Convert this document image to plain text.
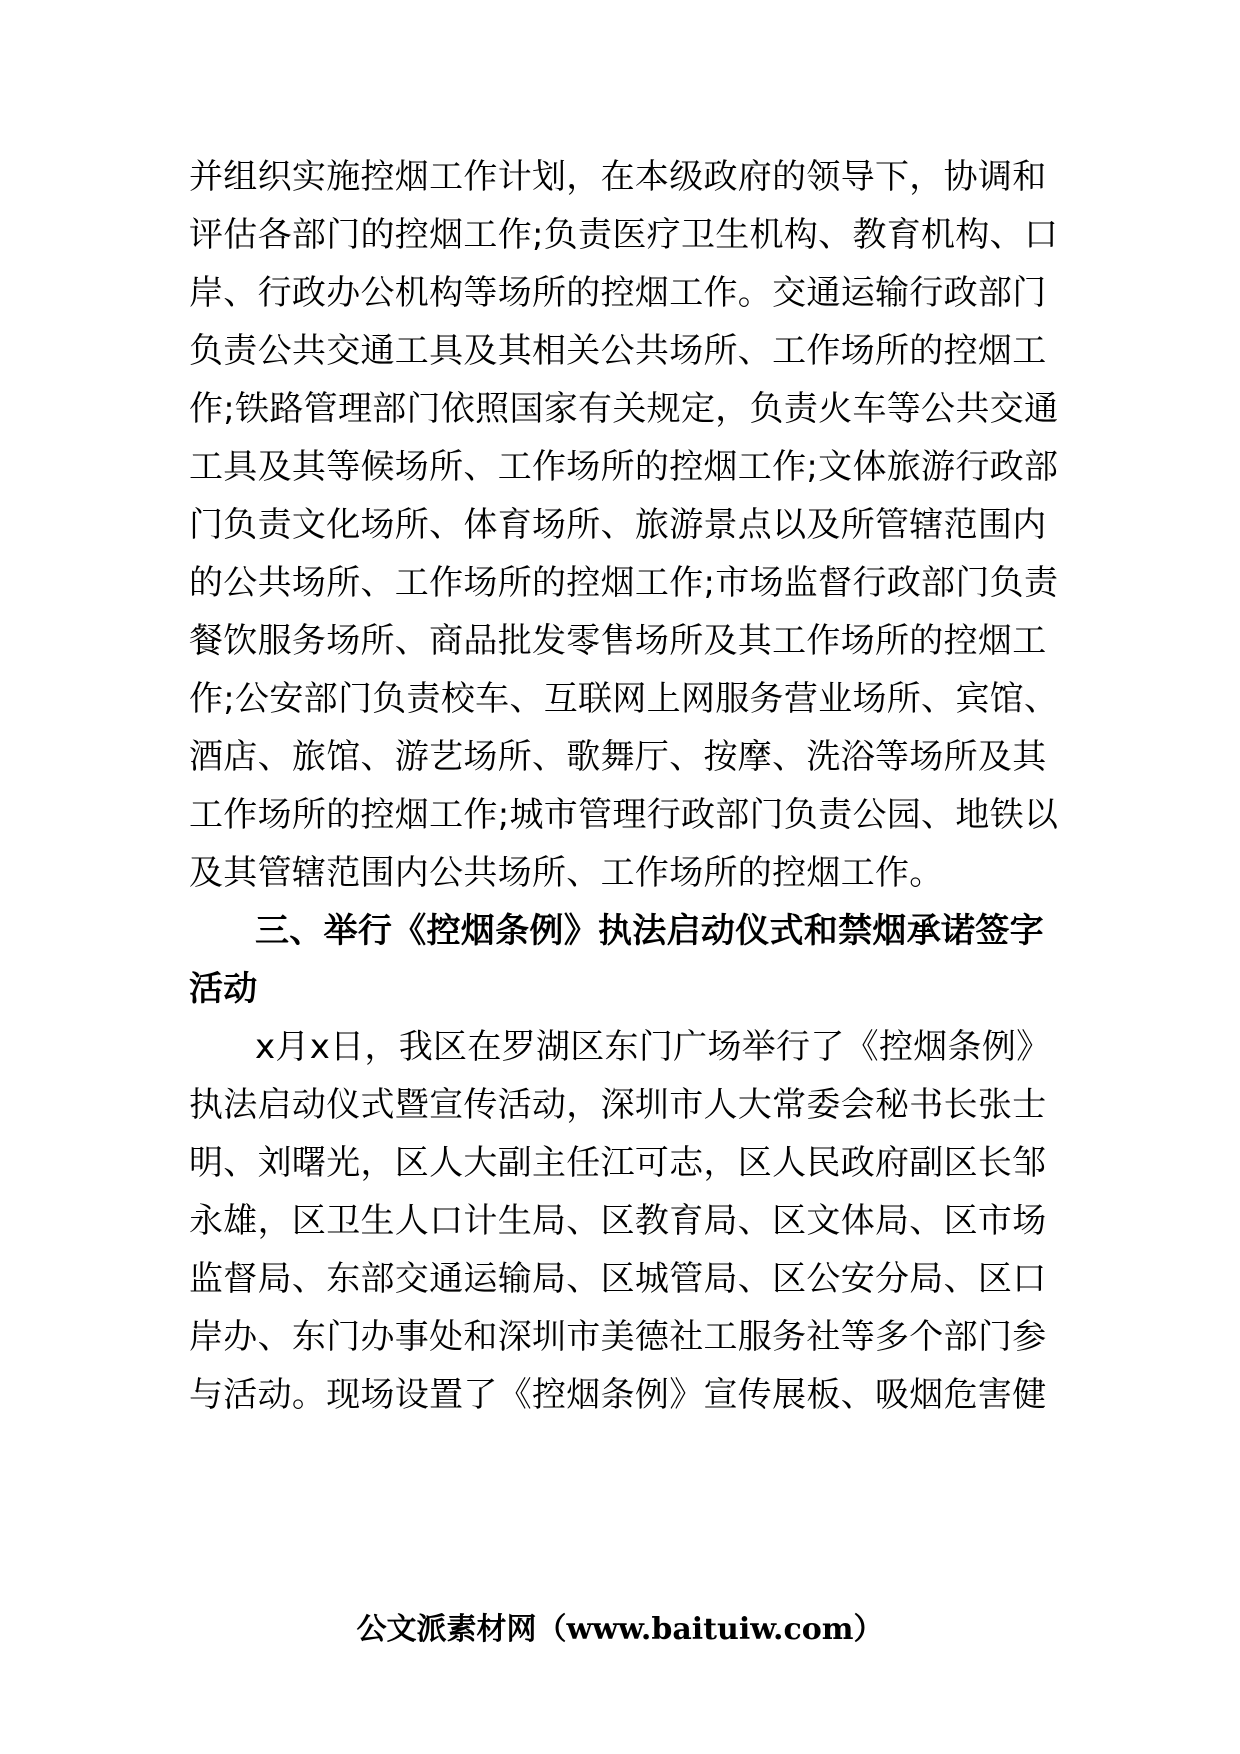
并组织实施控烟工作计划，在本级政府的领导下，协调和
评估各部门的控烟工作;负责医疗卫生机构、教育机构、口
岸、行政办公机构等场所的控烟工作。交通运输行政部门
负责公共交通工具及其相关公共场所、工作场所的控烟工
作;铁路管理部门依照国家有关规定，负责火车等公共交通
工具及其等候场所、工作场所的控烟工作;文体旅游行政部
门负责文化场所、体育场所、旅游景点以及所管辖范围内
的公共场所、工作场所的控烟工作;市场监督行政部门负责
餐饮服务场所、商品批发零售场所及其工作场所的控烟工
作;公安部门负责校车、互联网上网服务营业场所、宾馆、
酒店、旅馆、游艺场所、歌舞厅、按摩、洗浴等场所及其
工作场所的控烟工作;城市管理行政部门负责公园、地铁以
及其管辖范围内公共场所、工作场所的控烟工作。
三、举行《控烟条例》执法启动仪式和禁烟承诺签字
活动
x月x日，我区在罗湖区东门广场举行了《控烟条例》
执法启动仪式暨宣传活动，深圳市人大常委会秘书长张士
明、刘曙光，区人大副主任江可志，区人民政府副区长邹
永雄，区卫生人口计生局、区教育局、区文体局、区市场
监督局、东部交通运输局、区城管局、区公安分局、区口
岸办、东门办事处和深圳市美德社工服务社等多个部门参
与活动。现场设置了《控烟条例》宣传展板、吸烟危害健
公文派素材网（www.baituiw.com）
